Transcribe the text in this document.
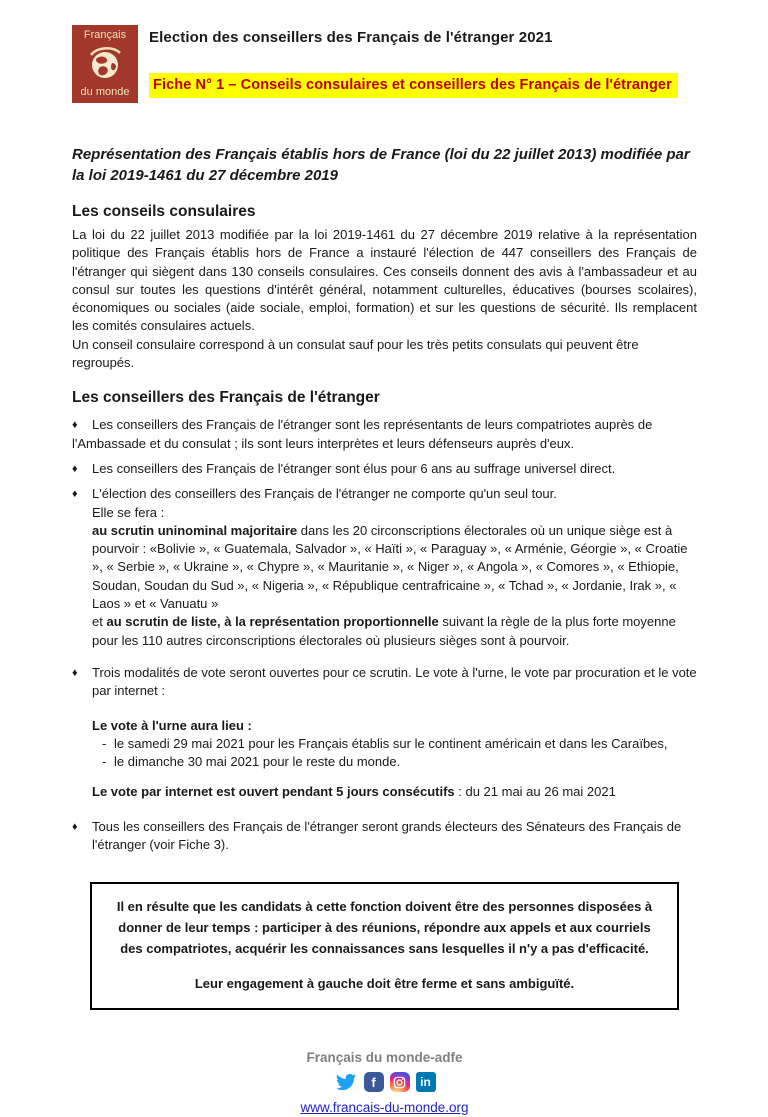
Français
du monde
Election des conseillers des Français de l'étranger 2021
Fiche N° 1 – Conseils consulaires et conseillers des Français de l'étranger

Représentation des Français établis hors de France (loi du 22 juillet 2013) modifiée par la loi 2019-1461 du 27 décembre 2019

Les conseils consulaires

La loi du 22 juillet 2013 modifiée par la loi 2019-1461 du 27 décembre 2019 relative à la représentation politique des Français établis hors de France a instauré l'élection de 447 conseillers des Français de l'étranger qui siègent dans 130 conseils consulaires. Ces conseils donnent des avis à l'ambassadeur et au consul sur toutes les questions d'intérêt général, notamment culturelles, éducatives (bourses scolaires), économiques ou sociales (aide sociale, emploi, formation) et sur les questions de sécurité. Ils remplacent les comités consulaires actuels.

Un conseil consulaire correspond à un consulat sauf pour les très petits consulats qui peuvent être regroupés.

Les conseillers des Français de l'étranger

♦ Les conseillers des Français de l'étranger sont les représentants de leurs compatriotes auprès de l'Ambassade et du consulat ; ils sont leurs interprètes et leurs défenseurs auprès d'eux.

♦ Les conseillers des Français de l'étranger sont élus pour 6 ans au suffrage universel direct.

♦ L'élection des conseillers des Français de l'étranger ne comporte qu'un seul tour.

Elle se fera :

au scrutin uninominal majoritaire dans les 20 circonscriptions électorales où un unique siège est à pourvoir : «Bolivie », « Guatemala, Salvador », « Haïti », « Paraguay », « Arménie, Géorgie », « Croatie », « Serbie », « Ukraine », « Chypre », « Mauritanie », « Niger », « Angola », « Comores », « Ethiopie, Soudan, Soudan du Sud », « Nigeria », « République centrafricaine », « Tchad », « Jordanie, Irak », « Laos » et « Vanuatu »

et au scrutin de liste, à la représentation proportionnelle suivant la règle de la plus forte moyenne pour les 110 autres circonscriptions électorales où plusieurs sièges sont à pourvoir.

♦ Trois modalités de vote seront ouvertes pour ce scrutin. Le vote à l'urne, le vote par procuration et le vote par internet :

Le vote à l'urne aura lieu :

- le samedi 29 mai 2021 pour les Français établis sur le continent américain et dans les Caraïbes,

- le dimanche 30 mai 2021 pour le reste du monde.

Le vote par internet est ouvert pendant 5 jours consécutifs : du 21 mai au 26 mai 2021

♦ Tous les conseillers des Français de l'étranger seront grands électeurs des Sénateurs des Français de l'étranger (voir Fiche 3).

Il en résulte que les candidats à cette fonction doivent être des personnes disposées à donner de leur temps : participer à des réunions, répondre aux appels et aux courriels des compatriotes, acquérir les connaissances sans lesquelles il n'y a pas d'efficacité.

Leur engagement à gauche doit être ferme et sans ambiguïté.

Français du monde-adfe
f	in
www.francais-du-monde.org
